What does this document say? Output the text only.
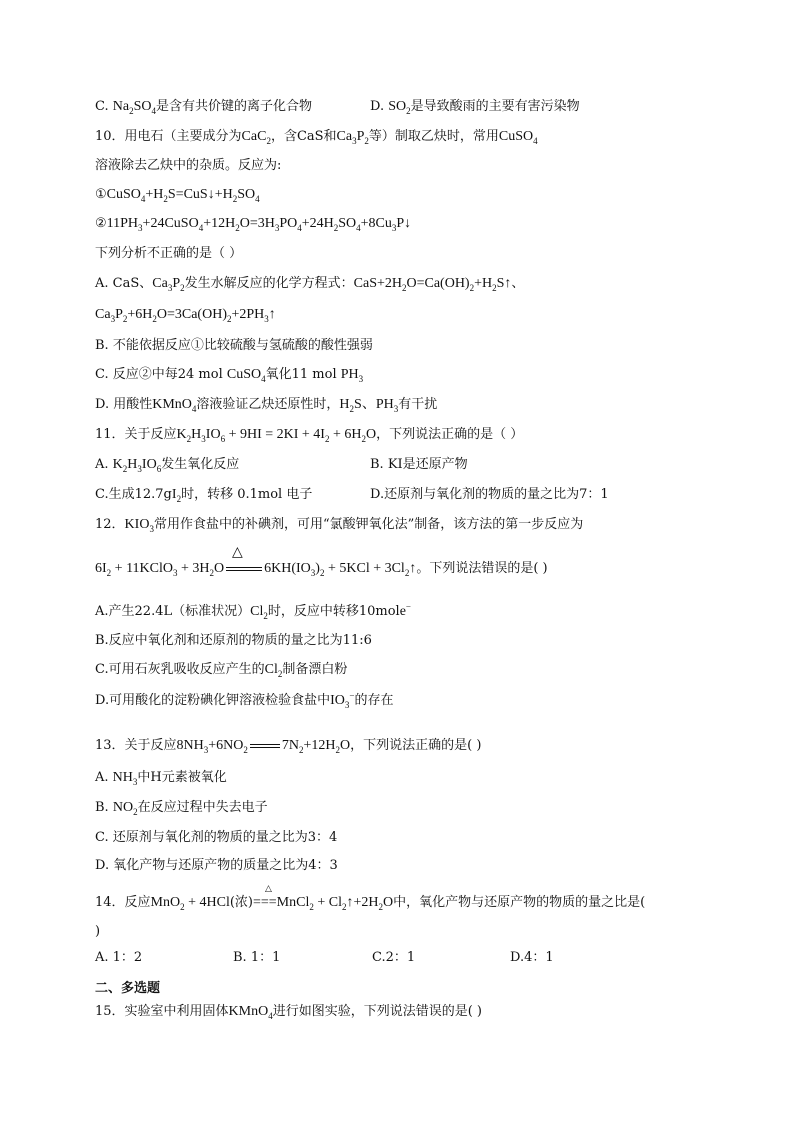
C. $Na_2SO_4$是含有共价键的离子化合物	D. $SO_2$是导致酸雨的主要有害污染物
10．用电石（主要成分为CaC$_2$，含CaS和$Ca_3P_2$等）制取乙炔时，常用CuSO$_4$
溶液除去乙炔中的杂质。反应为:
$①CuSO_4+H_2S=CuS↓+H_2SO_4$
$②11PH_3+24CuSO_4+12H_2O=3H_3PO_4+24H_2SO_4+8Cu_3P↓$
下列分析不正确的是（ ）
A. CaS、$Ca_3P_2$发生水解反应的化学方程式：$CaS+2H_2O=Ca(OH)_2+H_2S↑$、
$Ca_3P_2+6H_2O=3Ca(OH)_2+2PH_3↑$
B. 不能依据反应①比较硫酸与氢硫酸的酸性强弱
C. 反应②中每24 mol CuSO$_4$氧化11 mol $PH_3$
D. 用酸性KMnO$_4$溶液验证乙炔还原性时，$H_2S$、$PH_3$有干扰
11．关于反应$K_2H_3IO_6 + 9HI = 2KI + 4I_2 + 6H_2O$，下列说法正确的是（ ）
A. $K_2H_3IO_6$发生氧化反应	B. KI是还原产物
C.生成$12.7gI_2$时，转移 0.1mol 电子	D.还原剂与氧化剂的物质的量之比为7：1
12．$KIO_3$常用作食盐中的补碘剂，可用“氯酸钾氧化法”制备，该方法的第一步反应为
△
$6I_2$ + 11KClO$_3$ + $3H_2O$	$6KH(IO_3)_2 + 5KCl$ + $3Cl_2↑$。下列说法错误的是( )
A.产生22.4L（标准状况）$Cl_2$时，反应中转移10mole−
B.反应中氧化剂和还原剂的物质的量之比为11:6
C.可用石灰乳吸收反应产生的$Cl_2$制备漂白粉
D.可用酸化的淀粉碘化钾溶液检验食盐中$IO_3^-$的存在
13．关于反应$8NH_3+6NO_2$ $7N_2+12H_2O$，下列说法正确的是( )
A. $NH_3$中H元素被氧化
B. $NO_2$在反应过程中失去电子
C. 还原剂与氧化剂的物质的量之比为3：4
D. 氧化产物与还原产物的质量之比为4：3
△
14．反应MnO$_2$ + 4HCl(浓)===MnCl$_2$ + $Cl_2↑+2H_2O$中，氧化产物与还原产物的物质的量之比是(
)
A. 1：2	B. 1：1	C.2：1	D.4：1
二、多选题
15．实验室中利用固体KMnO$_4$进行如图实验，下列说法错误的是( )
